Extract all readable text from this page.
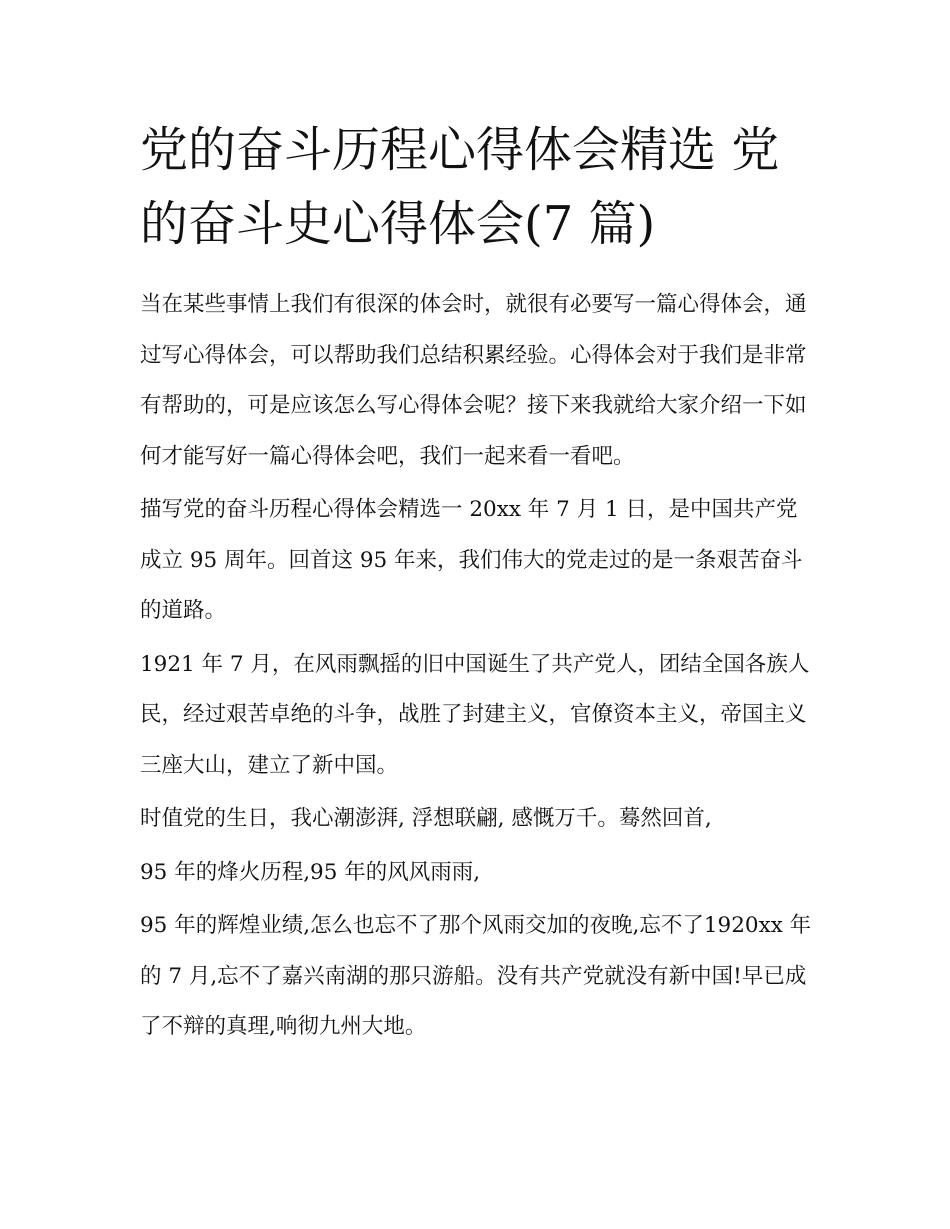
党的奋斗历程心得体会精选 党的奋斗史心得体会(7 篇)

当在某些事情上我们有很深的体会时，就很有必要写一篇心得体会，通过写心得体会，可以帮助我们总结积累经验。心得体会对于我们是非常有帮助的，可是应该怎么写心得体会呢？接下来我就给大家介绍一下如何才能写好一篇心得体会吧，我们一起来看一看吧。

描写党的奋斗历程心得体会精选一 20xx 年 7 月 1 日，是中国共产党成立 95 周年。回首这 95 年来，我们伟大的党走过的是一条艰苦奋斗的道路。

1921 年 7 月，在风雨飘摇的旧中国诞生了共产党人，团结全国各族人民，经过艰苦卓绝的斗争，战胜了封建主义，官僚资本主义，帝国主义三座大山，建立了新中国。

时值党的生日，我心潮澎湃, 浮想联翩, 感慨万千。蓦然回首,

95 年的烽火历程,95 年的风风雨雨,

95 年的辉煌业绩,怎么也忘不了那个风雨交加的夜晚,忘不了1920xx 年的 7 月,忘不了嘉兴南湖的那只游船。没有共产党就没有新中国!早已成了不辩的真理,响彻九州大地。
